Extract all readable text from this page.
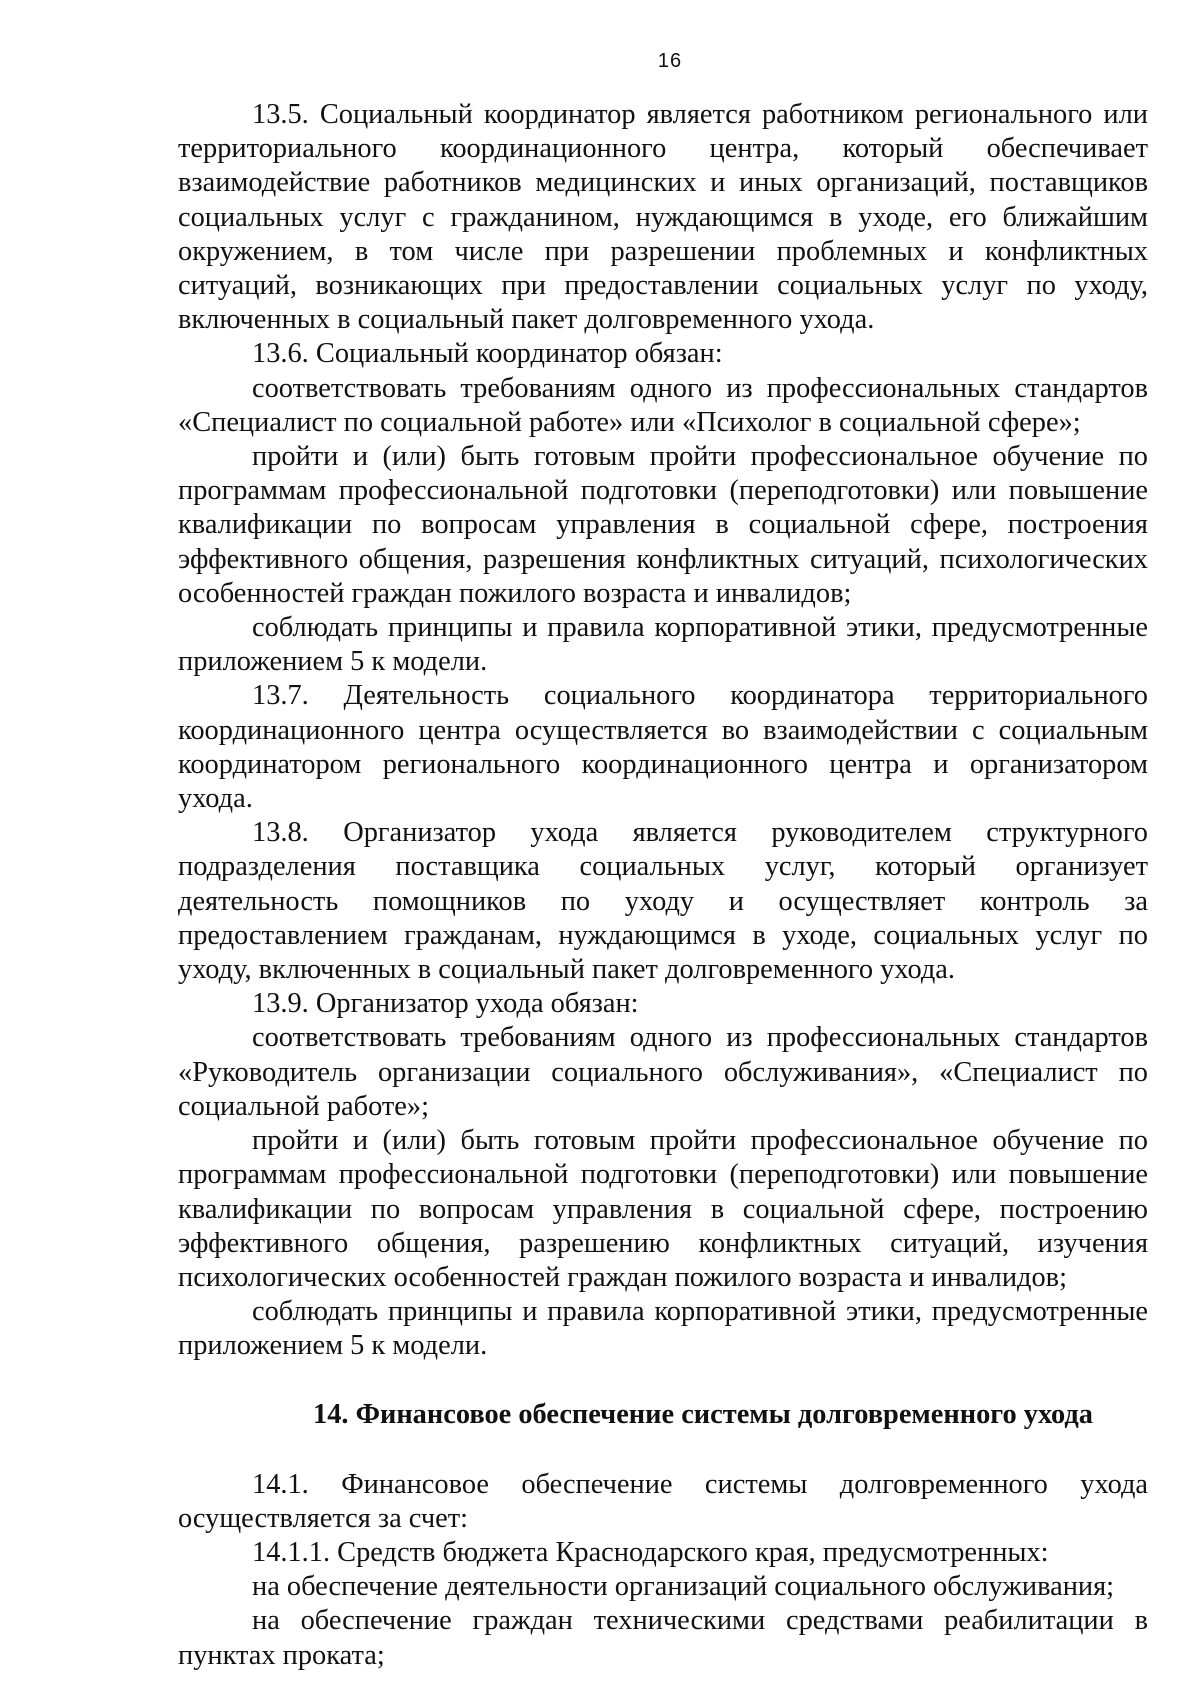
16

13.5. Социальный координатор является работником регионального или территориального координационного центра, который обеспечивает взаимодействие работников медицинских и иных организаций, поставщиков социальных услуг с гражданином, нуждающимся в уходе, его ближайшим окружением, в том числе при разрешении проблемных и конфликтных ситуаций, возникающих при предоставлении социальных услуг по уходу, включенных в социальный пакет долговременного ухода.

13.6. Социальный координатор обязан:

соответствовать требованиям одного из профессиональных стандартов «Специалист по социальной работе» или «Психолог в социальной сфере»;

пройти и (или) быть готовым пройти профессиональное обучение по программам профессиональной подготовки (переподготовки) или повышение квалификации по вопросам управления в социальной сфере, построения эффективного общения, разрешения конфликтных ситуаций, психологических особенностей граждан пожилого возраста и инвалидов;

соблюдать принципы и правила корпоративной этики, предусмотренные приложением 5 к модели.

13.7. Деятельность социального координатора территориального координационного центра осуществляется во взаимодействии с социальным координатором регионального координационного центра и организатором ухода.

13.8. Организатор ухода является руководителем структурного подразделения поставщика социальных услуг, который организует деятельность помощников по уходу и осуществляет контроль за предоставлением гражданам, нуждающимся в уходе, социальных услуг по уходу, включенных в социальный пакет долговременного ухода.

13.9. Организатор ухода обязан:

соответствовать требованиям одного из профессиональных стандартов «Руководитель организации социального обслуживания», «Специалист по социальной работе»;

пройти и (или) быть готовым пройти профессиональное обучение по программам профессиональной подготовки (переподготовки) или повышение квалификации по вопросам управления в социальной сфере, построению эффективного общения, разрешению конфликтных ситуаций, изучения психологических особенностей граждан пожилого возраста и инвалидов;

соблюдать принципы и правила корпоративной этики, предусмотренные приложением 5 к модели.

14. Финансовое обеспечение системы долговременного ухода

14.1. Финансовое обеспечение системы долговременного ухода осуществляется за счет:

14.1.1. Средств бюджета Краснодарского края, предусмотренных:

на обеспечение деятельности организаций социального обслуживания;

на обеспечение граждан техническими средствами реабилитации в пунктах проката;
